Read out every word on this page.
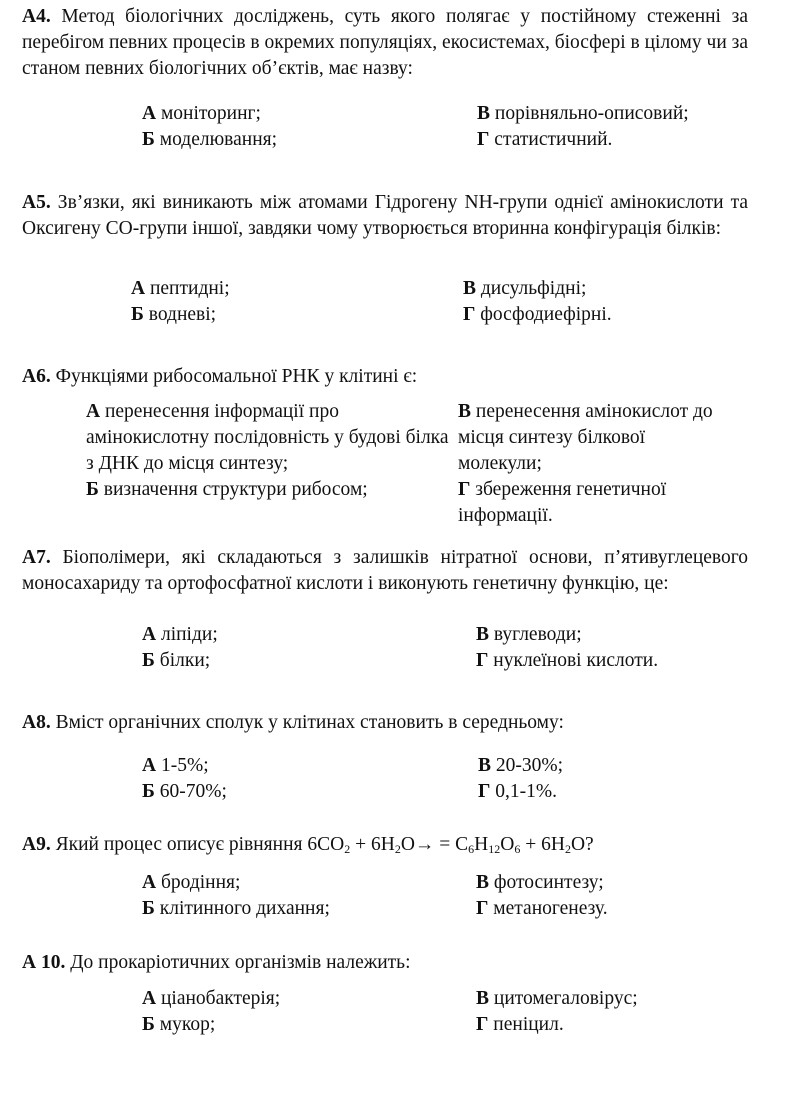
А4. Метод біологічних досліджень, суть якого полягає у постійному стеженні за перебігом певних процесів в окремих популяціях, екосистемах, біосфері в цілому чи за станом певних біологічних об’єктів, має назву:

А моніторинг;	В порівняльно-описовий;
Б моделювання;	Г статистичний.

А5. Зв’язки, які виникають між атомами Гідрогену NH-групи однієї амінокислоти та Оксигену СО-групи іншої, завдяки чому утворюється вторинна конфігурація білків:

А пептидні;	В дисульфідні;
Б водневі;	Г фосфодиефірні.

А6. Функціями рибосомальної РНК у клітині є:

А перенесення інформації про амінокислотну послідовність у будові білка з ДНК до місця синтезу;
Б визначення структури рибосом;
В перенесення амінокислот до місця синтезу білкової молекули;
Г збереження генетичної інформації.

А7. Біополімери, які складаються з залишків нітратної основи, п’ятивуглецевого моносахариду та ортофосфатної кислоти і виконують генетичну функцію, це:

А ліпіди;	В вуглеводи;
Б білки;	Г нуклеїнові кислоти.

А8. Вміст органічних сполук у клітинах становить в середньому:

А 1-5%;	В 20-30%;
Б 60-70%;	Г 0,1-1%.

А9. Який процес описує рівняння $6CO_2 + 6H_2O\to = C_6H_{12}O_6 + 6H_2O$?

А бродіння;	В фотосинтезу;
Б клітинного дихання;	Г метаногенезу.

А 10. До прокаріотичних організмів належить:

А ціанобактерія;	В цитомегаловірус;
Б мукор;	Г пеніцил.
